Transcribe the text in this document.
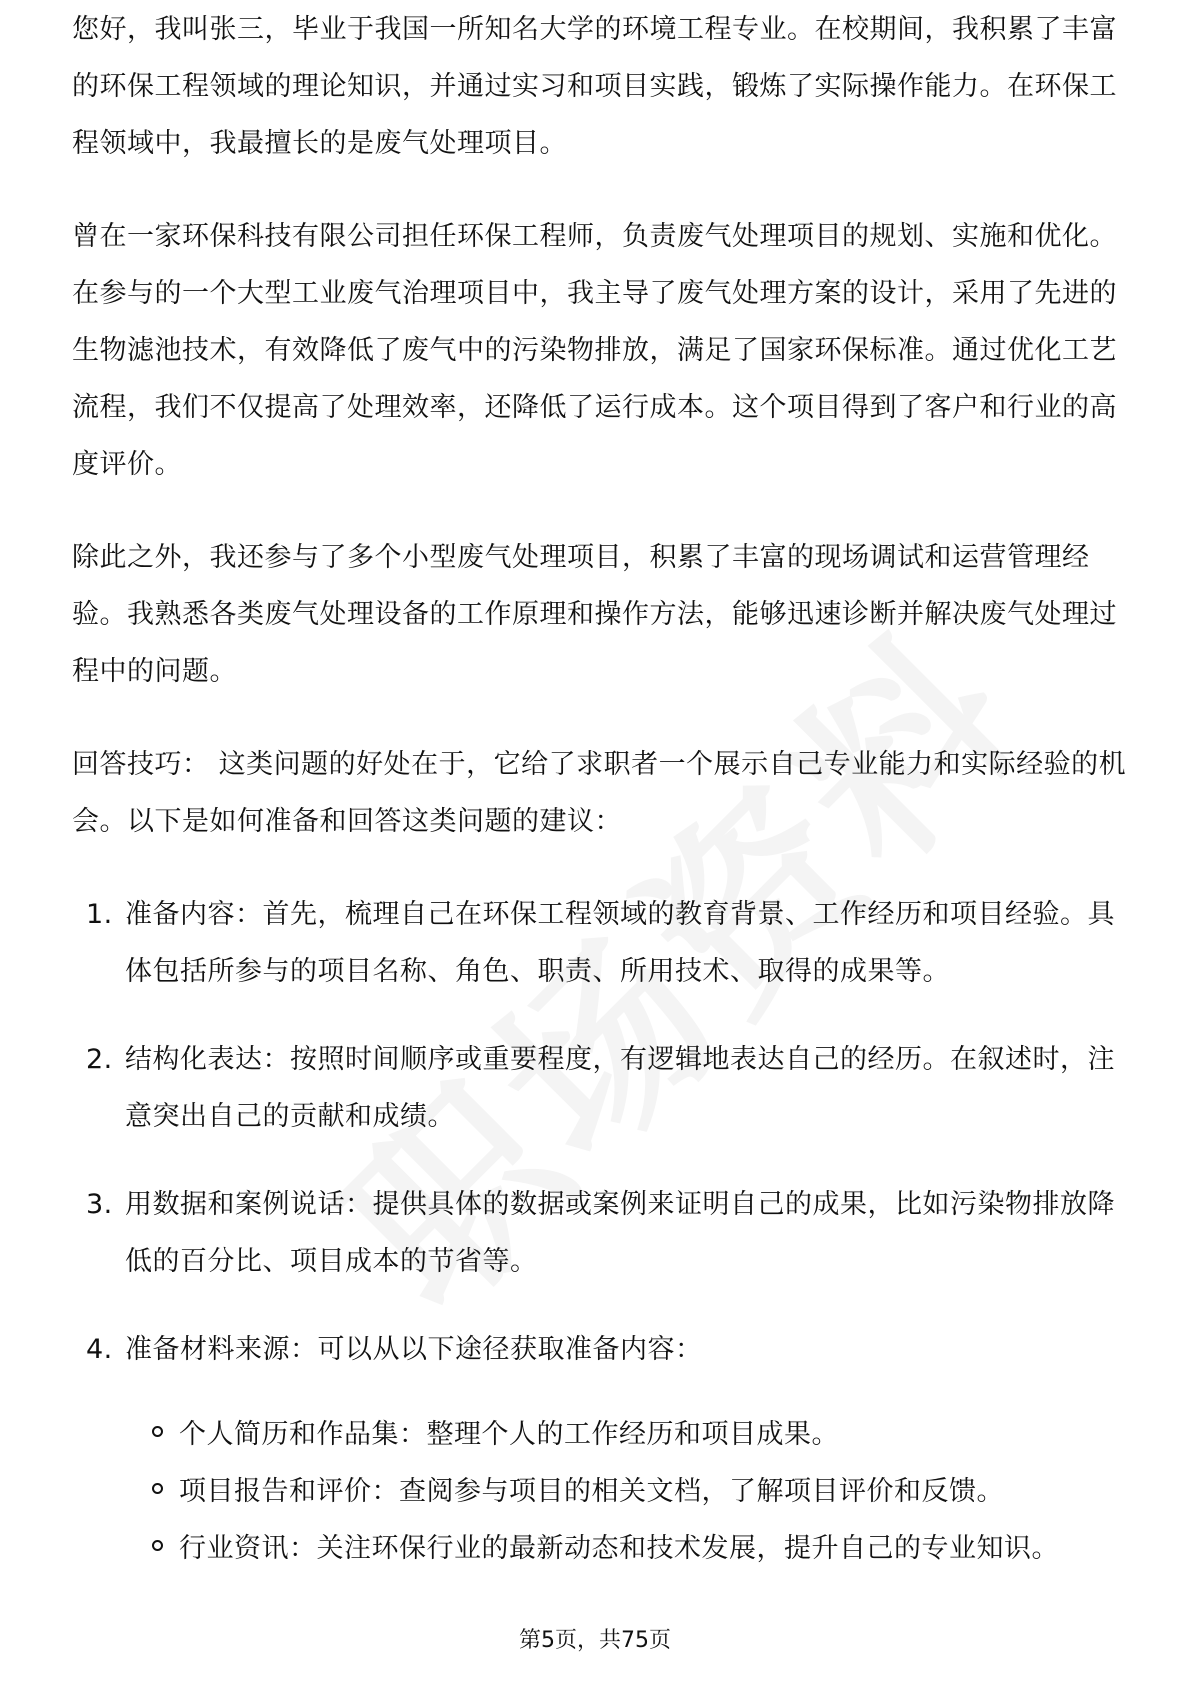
您好，我叫张三，毕业于我国一所知名大学的环境工程专业。在校期间，我积累了丰富的环保工程领域的理论知识，并通过实习和项目实践，锻炼了实际操作能力。在环保工程领域中，我最擅长的是废气处理项目。

曾在一家环保科技有限公司担任环保工程师，负责废气处理项目的规划、实施和优化。在参与的一个大型工业废气治理项目中，我主导了废气处理方案的设计，采用了先进的生物滤池技术，有效降低了废气中的污染物排放，满足了国家环保标准。通过优化工艺流程，我们不仅提高了处理效率，还降低了运行成本。这个项目得到了客户和行业的高度评价。

除此之外，我还参与了多个小型废气处理项目，积累了丰富的现场调试和运营管理经验。我熟悉各类废气处理设备的工作原理和操作方法，能够迅速诊断并解决废气处理过程中的问题。

回答技巧： 这类问题的好处在于，它给了求职者一个展示自己专业能力和实际经验的机会。以下是如何准备和回答这类问题的建议：

1. 准备内容：首先，梳理自己在环保工程领域的教育背景、工作经历和项目经验。具体包括所参与的项目名称、角色、职责、所用技术、取得的成果等。
2. 结构化表达：按照时间顺序或重要程度，有逻辑地表达自己的经历。在叙述时，注意突出自己的贡献和成绩。
3. 用数据和案例说话：提供具体的数据或案例来证明自己的成果，比如污染物排放降低的百分比、项目成本的节省等。
4. 准备材料来源：可以从以下途径获取准备内容：
个人简历和作品集：整理个人的工作经历和项目成果。
项目报告和评价：查阅参与项目的相关文档，了解项目评价和反馈。
行业资讯：关注环保行业的最新动态和技术发展，提升自己的专业知识。
第5页，共75页
